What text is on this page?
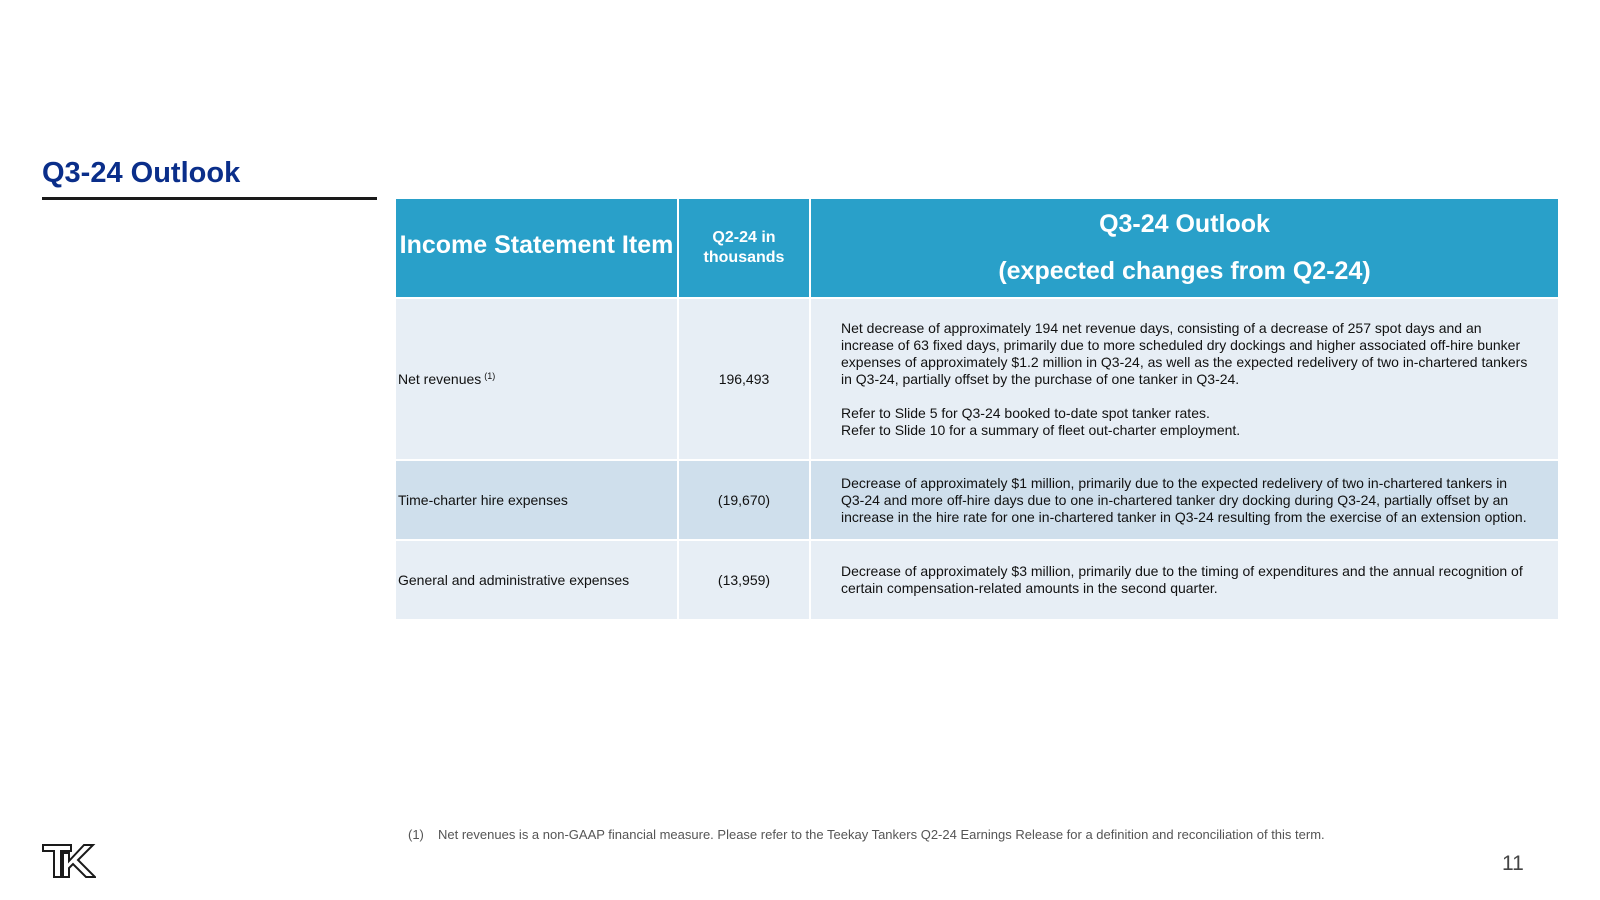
Q3-24 Outlook
Income Statement Item	Q2-24 in thousands	Q3-24 Outlook
(expected changes from Q2-24)

Net revenues $^{(1)}$	196,493	Net decrease of approximately 194 net revenue days, consisting of a decrease of 257 spot days and an increase of 63 fixed days, primarily due to more scheduled dry dockings and higher associated off-hire bunker expenses of approximately $1.2 million in Q3-24, as well as the expected redelivery of two in-chartered tankers in Q3-24, partially offset by the purchase of one tanker in Q3-24.
Refer to Slide 5 for Q3-24 booked to-date spot tanker rates.
Refer to Slide 10 for a summary of fleet out-charter employment.

Time-charter hire expenses	(19,670)	Decrease of approximately $1 million, primarily due to the expected redelivery of two in-chartered tankers in Q3-24 and more off-hire days due to one in-chartered tanker dry docking during Q3-24, partially offset by an increase in the hire rate for one in-chartered tanker in Q3-24 resulting from the exercise of an extension option.

General and administrative expenses	(13,959)	Decrease of approximately $3 million, primarily due to the timing of expenditures and the annual recognition of certain compensation-related amounts in the second quarter.
(1) Net revenues is a non-GAAP financial measure. Please refer to the Teekay Tankers Q2-24 Earnings Release for a definition and reconciliation of this term.
11
